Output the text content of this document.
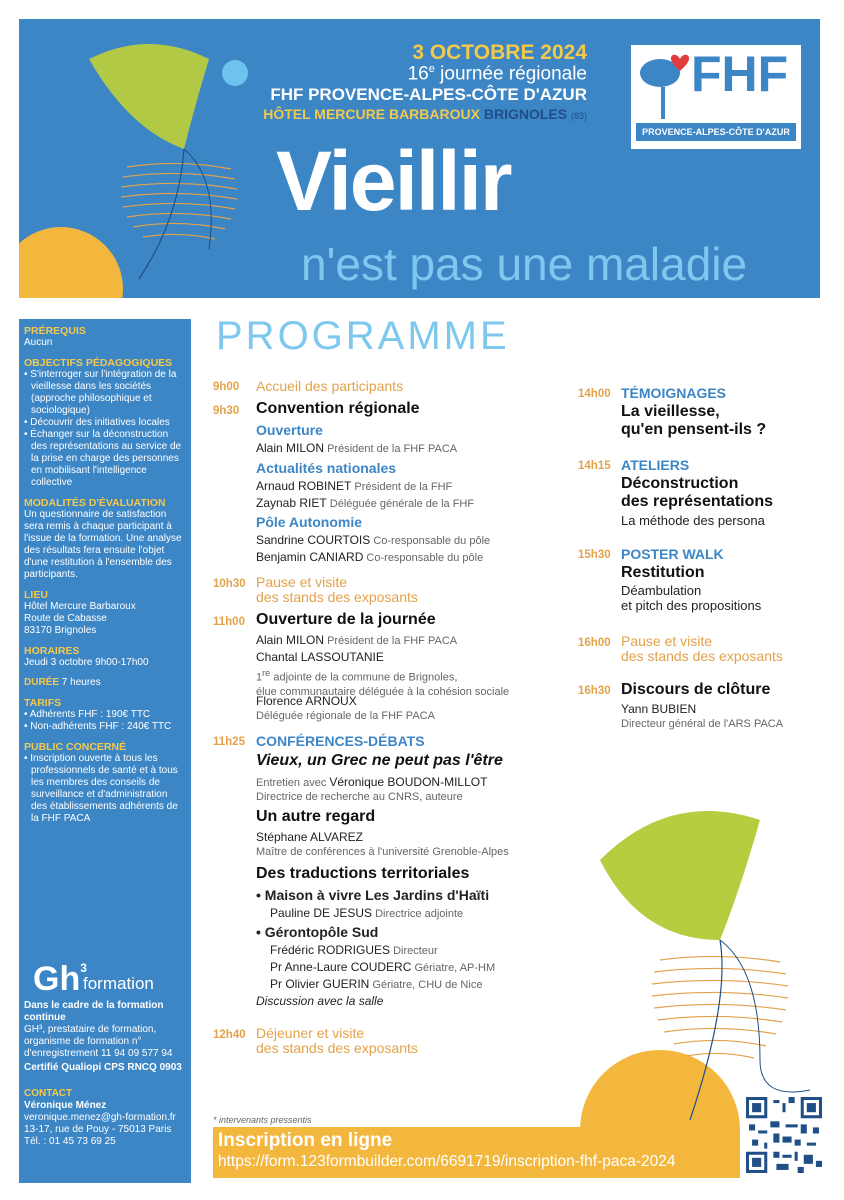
3 OCTOBRE 2024
16e journée régionale
FHF PROVENCE-ALPES-CÔTE D'AZUR
HÔTEL MERCURE BARBAROUX BRIGNOLES (83)
Vieillir
n'est pas une maladie
FHF
PROVENCE-ALPES-CÔTE D'AZUR
PRÉREQUIS
Aucun
OBJECTIFS PÉDAGOGIQUES
• S'interroger sur l'intégration de la vieillesse dans les sociétés (approche philosophique et sociologique)
• Découvrir des initiatives locales
• Échanger sur la déconstruction des représentations au service de la prise en charge des personnes en mobilisant l'intelligence collective
MODALITÉS D'ÉVALUATION
Un questionnaire de satisfaction sera remis à chaque participant à l'issue de la formation. Une analyse des résultats fera ensuite l'objet d'une restitution à l'ensemble des participants.
LIEU
Hôtel Mercure Barbaroux
Route de Cabasse
83170 Brignoles
HORAIRES
Jeudi 3 octobre 9h00-17h00
DURÉE 7 heures
TARIFS
• Adhérents FHF : 190€ TTC
• Non-adhérents FHF : 240€ TTC
PUBLIC CONCERNÉ
• Inscription ouverte à tous les professionnels de santé et à tous les membres des conseils de surveillance et d'administration des établissements adhérents de la FHF PACA
Gh$^3$
formation
Dans le cadre de la formation continue
GH³, prestataire de formation, organisme de formation n° d'enregistrement 11 94 09 577 94
Certifié Qualiopi CPS RNCQ 0903
CONTACT
Véronique Ménez
veronique.menez@gh-formation.fr
13-17, rue de Pouy - 75013 Paris
Tél. : 01 45 73 69 25
PROGRAMME
9h00 Accueil des participants
9h30 Convention régionale
Ouverture
Alain MILON Président de la FHF PACA
Actualités nationales
Arnaud ROBINET Président de la FHF
Zaynab RIET Déléguée générale de la FHF
Pôle Autonomie
Sandrine COURTOIS Co-responsable du pôle
Benjamin CANIARD Co-responsable du pôle
10h30 Pause et visite
des stands des exposants
11h00 Ouverture de la journée
Alain MILON Président de la FHF PACA
Chantal LASSOUTANIE
1re adjointe de la commune de Brignoles,
élue communautaire déléguée à la cohésion sociale
Florence ARNOUX
Déléguée régionale de la FHF PACA
11h25 CONFÉRENCES-DÉBATS
Vieux, un Grec ne peut pas l'être
Entretien avec Véronique BOUDON-MILLOT
Directrice de recherche au CNRS, auteure
Un autre regard
Stéphane ALVAREZ
Maître de conférences à l'université Grenoble-Alpes
Des traductions territoriales
• Maison à vivre Les Jardins d'Haïti
Pauline DE JESUS Directrice adjointe
• Gérontopôle Sud
Frédéric RODRIGUES Directeur
Pr Anne-Laure COUDERC Gériatre, AP-HM
Pr Olivier GUERIN Gériatre, CHU de Nice
Discussion avec la salle
12h40 Déjeuner et visite
des stands des exposants
14h00 TÉMOIGNAGES
La vieillesse,
qu'en pensent-ils ?
14h15 ATELIERS
Déconstruction
des représentations
La méthode des persona
15h30 POSTER WALK
Restitution
Déambulation
et pitch des propositions
16h00 Pause et visite
des stands des exposants
16h30 Discours de clôture
Yann BUBIEN
Directeur général de l'ARS PACA
* intervenants pressentis
Inscription en ligne
https://form.123formbuilder.com/6691719/inscription-fhf-paca-2024
